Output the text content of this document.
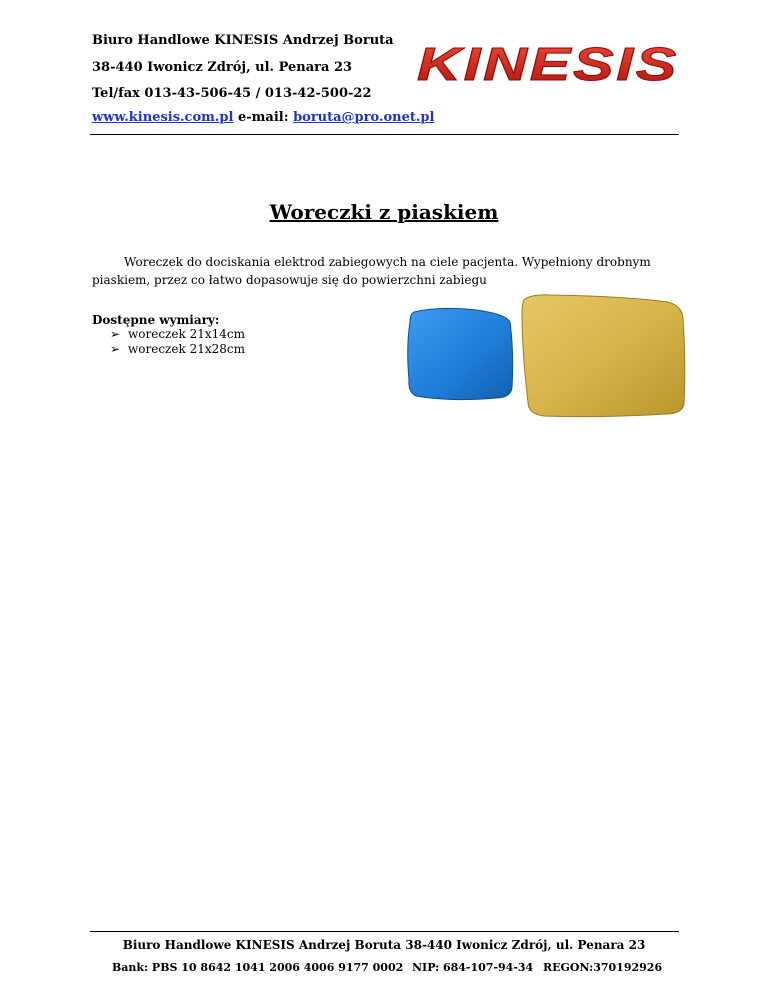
Biuro Handlowe KINESIS Andrzej Boruta
38-440 Iwonicz Zdrój, ul. Penara 23
Tel/fax 013-43-506-45 / 013-42-500-22
www.kinesis.com.pl e-mail: boruta@pro.onet.pl
KINESIS
Woreczki z piaskiem
Woreczek do dociskania elektrod zabiegowych na ciele pacjenta. Wypełniony drobnym piaskiem, przez co łatwo dopasowuje się do powierzchni zabiegu
Dostępne wymiary:
➢ woreczek 21x14cm
➢ woreczek 21x28cm
Biuro Handlowe KINESIS Andrzej Boruta 38-440 Iwonicz Zdrój, ul. Penara 23
Bank: PBS 10 8642 1041 2006 4006 9177 0002 NIP: 684-107-94-34 REGON:370192926
